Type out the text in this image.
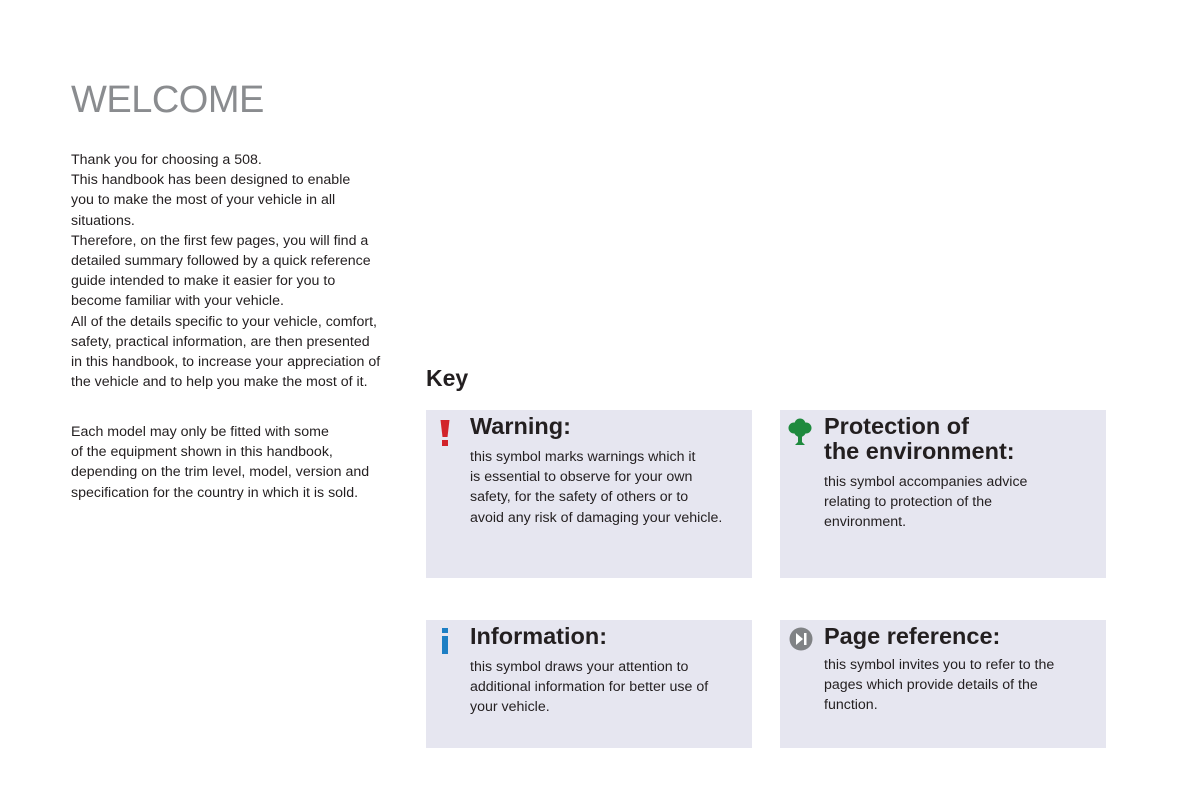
WELCOME

Thank you for choosing a 508.

This handbook has been designed to enable

you to make the most of your vehicle in all

situations.

Therefore, on the first few pages, you will find a

detailed summary followed by a quick reference

guide intended to make it easier for you to

become familiar with your vehicle.

All of the details specific to your vehicle, comfort,

safety, practical information, are then presented

in this handbook, to increase your appreciation of

the vehicle and to help you make the most of it.

Each model may only be fitted with some

of the equipment shown in this handbook,

depending on the trim level, model, version and

specification for the country in which it is sold.

Key
Warning:
this symbol marks warnings which it
is essential to observe for your own
safety, for the safety of others or to
avoid any risk of damaging your vehicle.
Protection of
the environment:
this symbol accompanies advice
relating to protection of the
environment.
Information:
this symbol draws your attention to
additional information for better use of
your vehicle.
Page reference:
this symbol invites you to refer to the
pages which provide details of the
function.
